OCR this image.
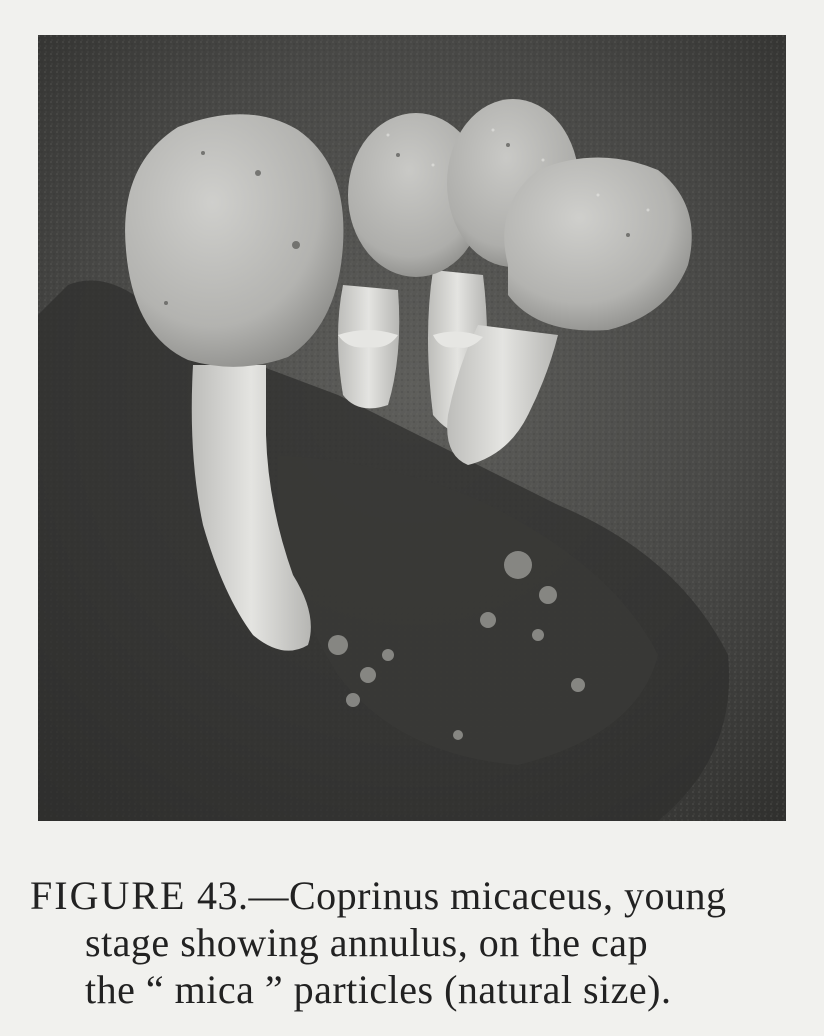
FIGURE 43.—Coprinus micaceus, young
stage showing annulus, on the cap
the “ mica ” particles (natural size).
